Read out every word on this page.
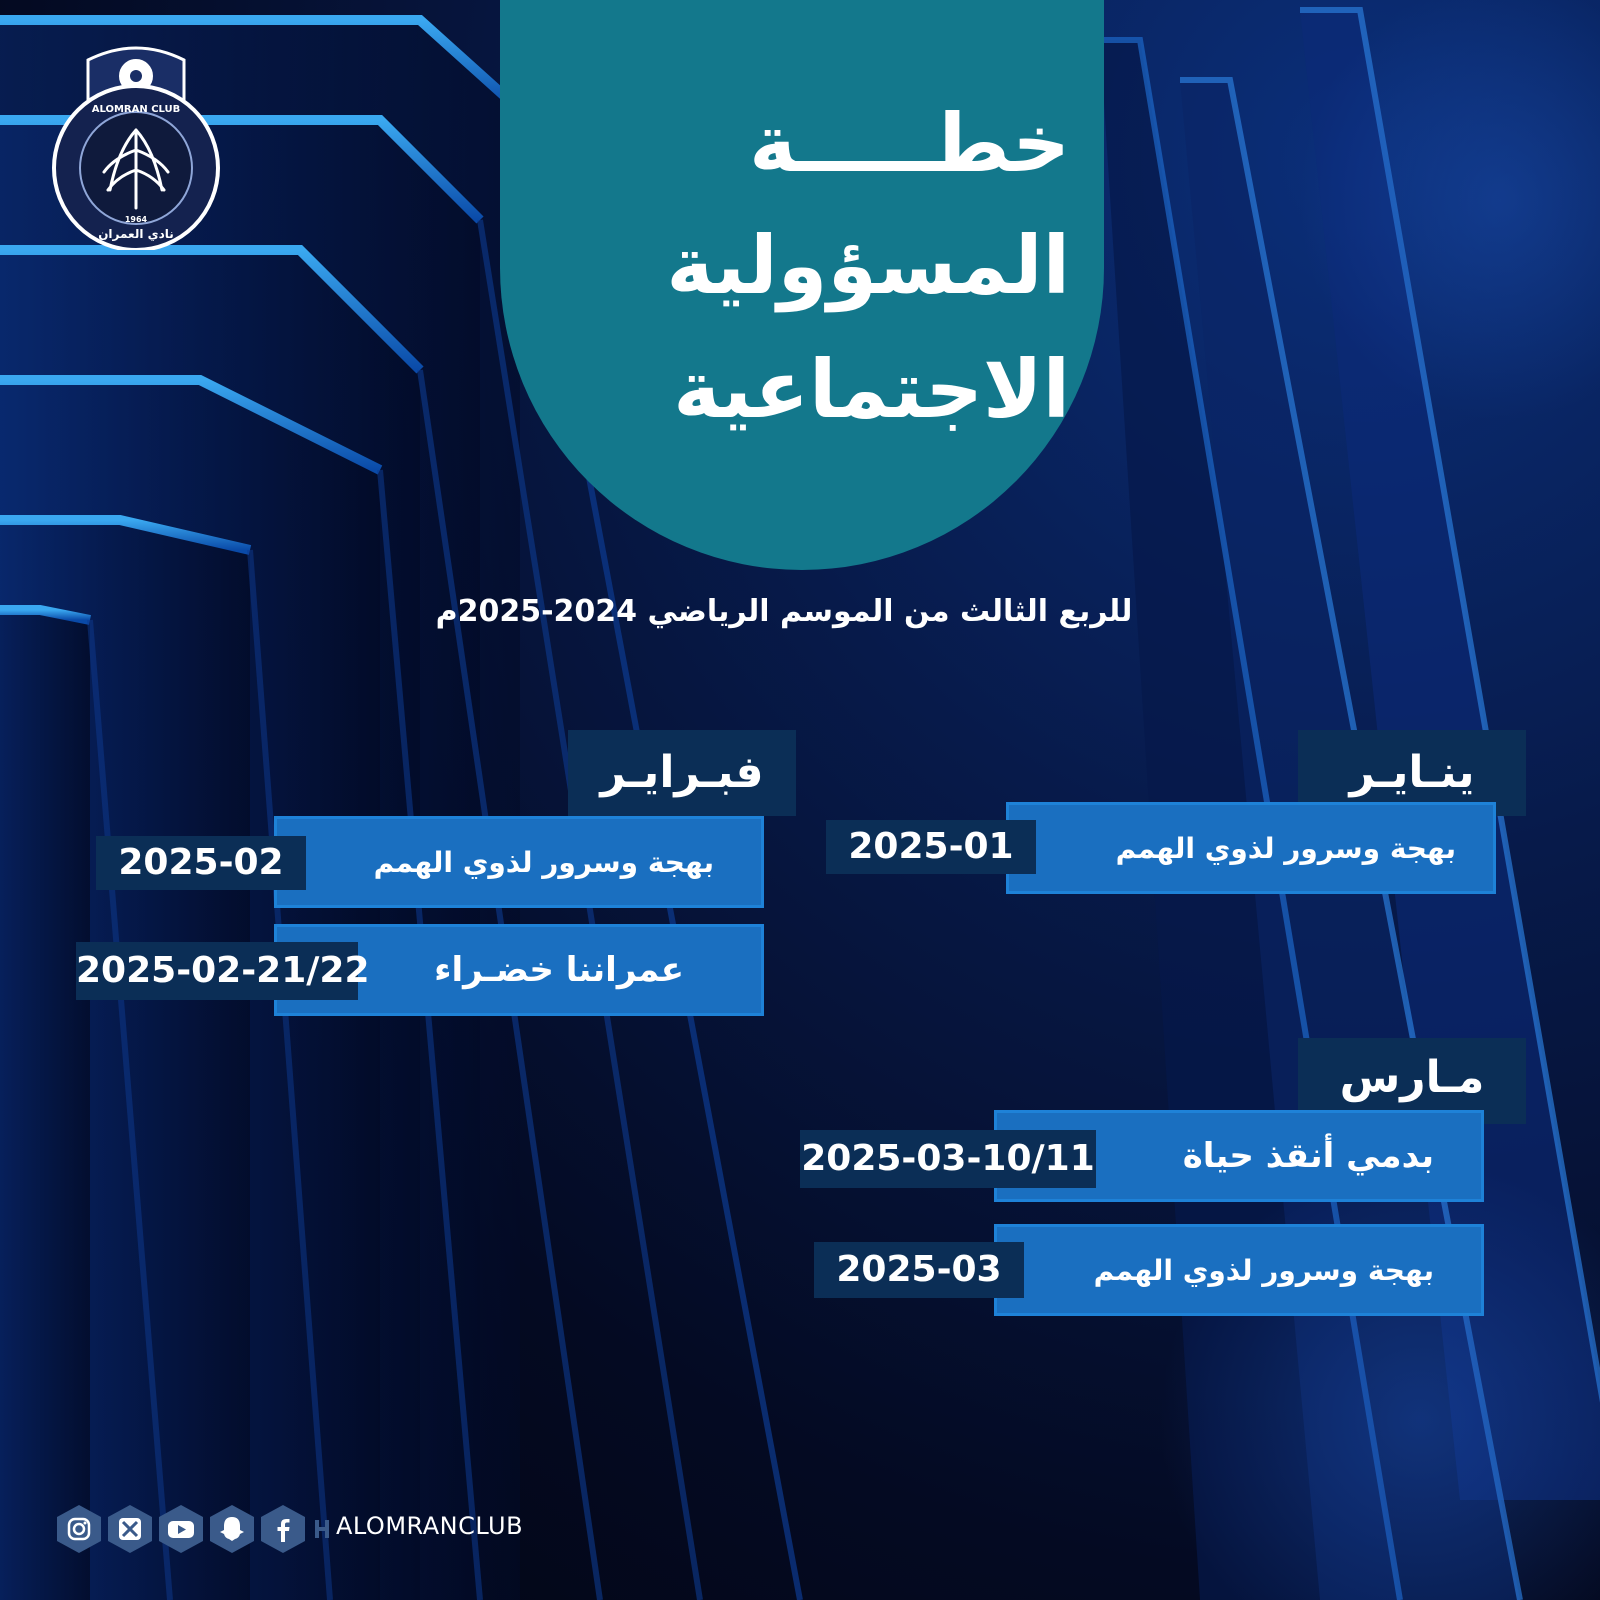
ALOMRAN CLUB
1964
نادي العمران
خطـــــة
المسؤولية
الاجتماعية
للربع الثالث من الموسم الرياضي 2024-2025م
ينـايـر
بهجة وسرور لذوي الهمم
2025-01
فبـرايـر
بهجة وسرور لذوي الهمم
2025-02
عمراننا خضـراء
2025-02-21/22
مـارس
بدمي أنقذ حياة
2025-03-10/11
بهجة وسرور لذوي الهمم
2025-03
ALOMRANCLUB
